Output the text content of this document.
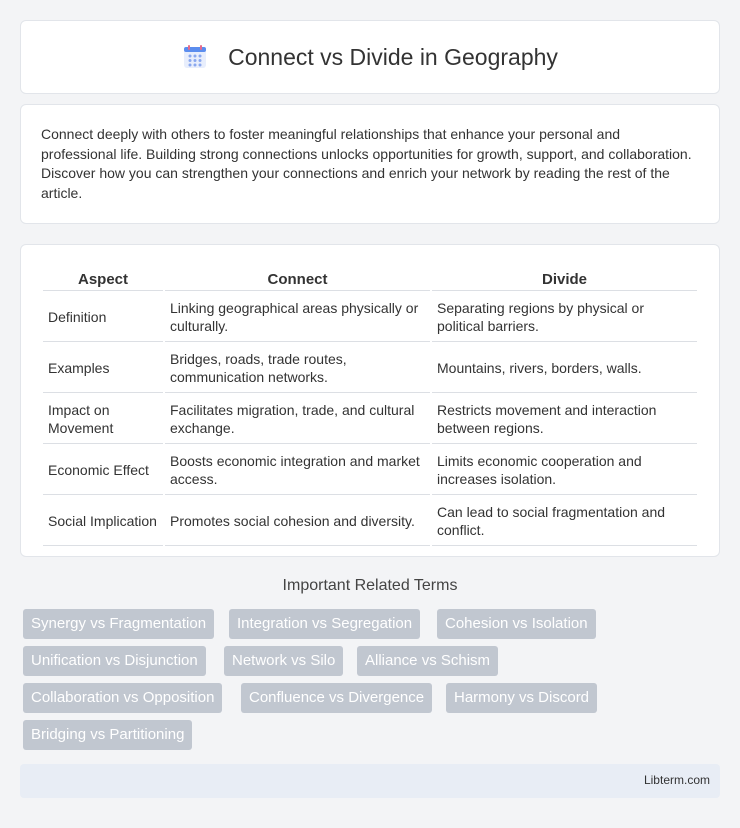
Connect vs Divide in Geography

Connect deeply with others to foster meaningful relationships that enhance your personal and professional life. Building strong connections unlocks opportunities for growth, support, and collaboration. Discover how you can strengthen your connections and enrich your network by reading the rest of the article.

Aspect	Connect	Divide
Definition	Linking geographical areas physically or culturally.	Separating regions by physical or political barriers.
Examples	Bridges, roads, trade routes, communication networks.	Mountains, rivers, borders, walls.
Impact on Movement	Facilitates migration, trade, and cultural exchange.	Restricts movement and interaction between regions.
Economic Effect	Boosts economic integration and market access.	Limits economic cooperation and increases isolation.
Social Implication	Promotes social cohesion and diversity.	Can lead to social fragmentation and conflict.
Important Related Terms
Synergy vs Fragmentation	Integration vs Segregation	Cohesion vs Isolation
Unification vs Disjunction	Network vs Silo	Alliance vs Schism
Collaboration vs Opposition	Confluence vs Divergence	Harmony vs Discord
Bridging vs Partitioning
Libterm.com
